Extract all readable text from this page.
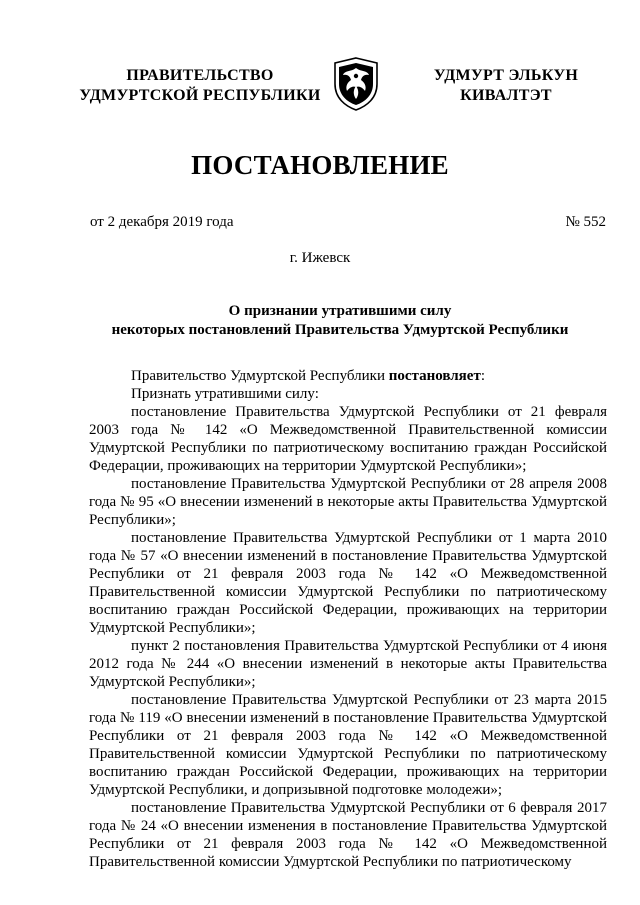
ПРАВИТЕЛЬСТВО
УДМУРТСКОЙ РЕСПУБЛИКИ
УДМУРТ ЭЛЬКУН
КИВАЛТЭТ
ПОСТАНОВЛЕНИЕ
от 2 декабря 2019 года	№ 552
г. Ижевск
О признании утратившими силу
некоторых постановлений Правительства Удмуртской Республики

Правительство Удмуртской Республики постановляет:

Признать утратившими силу:

постановление Правительства Удмуртской Республики от 21 февраля 2003 года № 142 «О Межведомственной Правительственной комиссии Удмуртской Республики по патриотическому воспитанию граждан Российской Федерации, проживающих на территории Удмуртской Республики»;

постановление Правительства Удмуртской Республики от 28 апреля 2008 года № 95 «О внесении изменений в некоторые акты Правительства Удмуртской Республики»;

постановление Правительства Удмуртской Республики от 1 марта 2010 года № 57 «О внесении изменений в постановление Правительства Удмуртской Республики от 21 февраля 2003 года № 142 «О Межведомственной Правительственной комиссии Удмуртской Республики по патриотическому воспитанию граждан Российской Федерации, проживающих на территории Удмуртской Республики»;

пункт 2 постановления Правительства Удмуртской Республики от 4 июня 2012 года № 244 «О внесении изменений в некоторые акты Правительства Удмуртской Республики»;

постановление Правительства Удмуртской Республики от 23 марта 2015 года № 119 «О внесении изменений в постановление Правительства Удмуртской Республики от 21 февраля 2003 года № 142 «О Межведомственной Правительственной комиссии Удмуртской Республики по патриотическому воспитанию граждан Российской Федерации, проживающих на территории Удмуртской Республики, и допризывной подготовке молодежи»;

постановление Правительства Удмуртской Республики от 6 февраля 2017 года № 24 «О внесении изменения в постановление Правительства Удмуртской Республики от 21 февраля 2003 года № 142 «О Межведомственной Правительственной комиссии Удмуртской Республики по патриотическому
